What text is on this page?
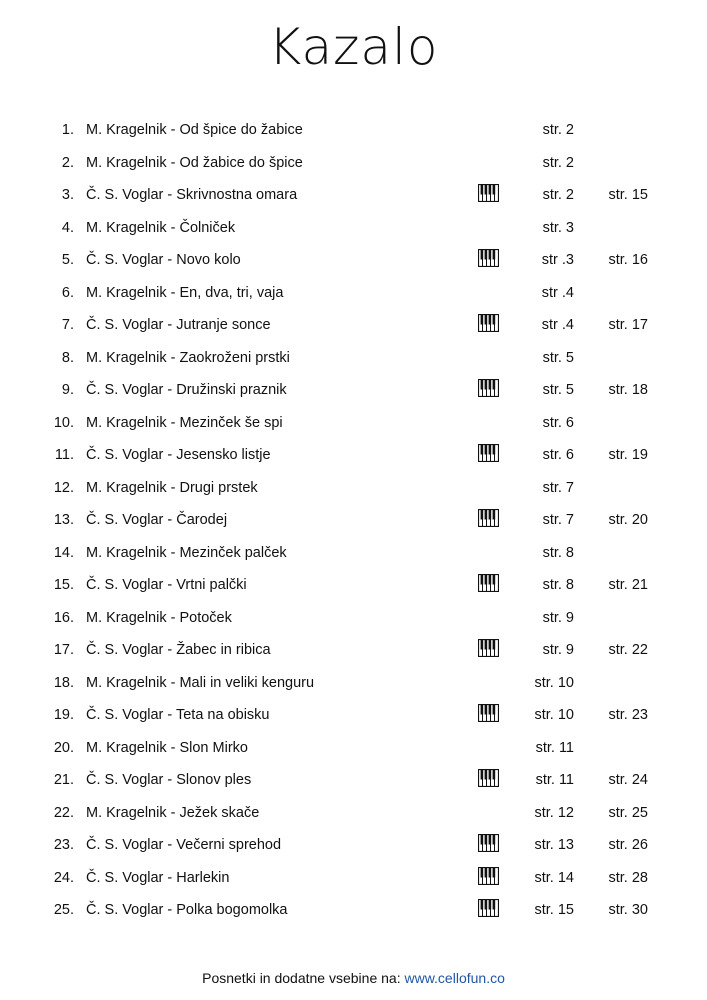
Kazalo
1. M. Kragelnik - Od špice do žabice	str. 2
2. M. Kragelnik - Od žabice do špice	str. 2
3. Č. S. Voglar - Skrivnostna omara	str. 2 str. 15
4. M. Kragelnik - Čolniček	str. 3
5. Č. S. Voglar - Novo kolo	str .3 str. 16
6. M. Kragelnik - En, dva, tri, vaja	str .4
7. Č. S. Voglar - Jutranje sonce	str .4 str. 17
8. M. Kragelnik - Zaokroženi prstki	str. 5
9. Č. S. Voglar - Družinski praznik	str. 5 str. 18
10. M. Kragelnik - Mezinček še spi	str. 6
11. Č. S. Voglar - Jesensko listje	str. 6 str. 19
12. M. Kragelnik - Drugi prstek	str. 7
13. Č. S. Voglar - Čarodej	str. 7 str. 20
14. M. Kragelnik - Mezinček palček	str. 8
15. Č. S. Voglar - Vrtni palčki	str. 8 str. 21
16. M. Kragelnik - Potoček	str. 9
17. Č. S. Voglar - Žabec in ribica	str. 9 str. 22
18. M. Kragelnik - Mali in veliki kenguru	str. 10
19. Č. S. Voglar - Teta na obisku	str. 10 str. 23
20. M. Kragelnik - Slon Mirko	str. 11
21. Č. S. Voglar - Slonov ples	str. 11 str. 24
22. M. Kragelnik - Ježek skače	str. 12 str. 25
23. Č. S. Voglar - Večerni sprehod	str. 13 str. 26
24. Č. S. Voglar - Harlekin	str. 14 str. 28
25. Č. S. Voglar - Polka bogomolka	str. 15 str. 30
Posnetki in dodatne vsebine na: www.cellofun.co
